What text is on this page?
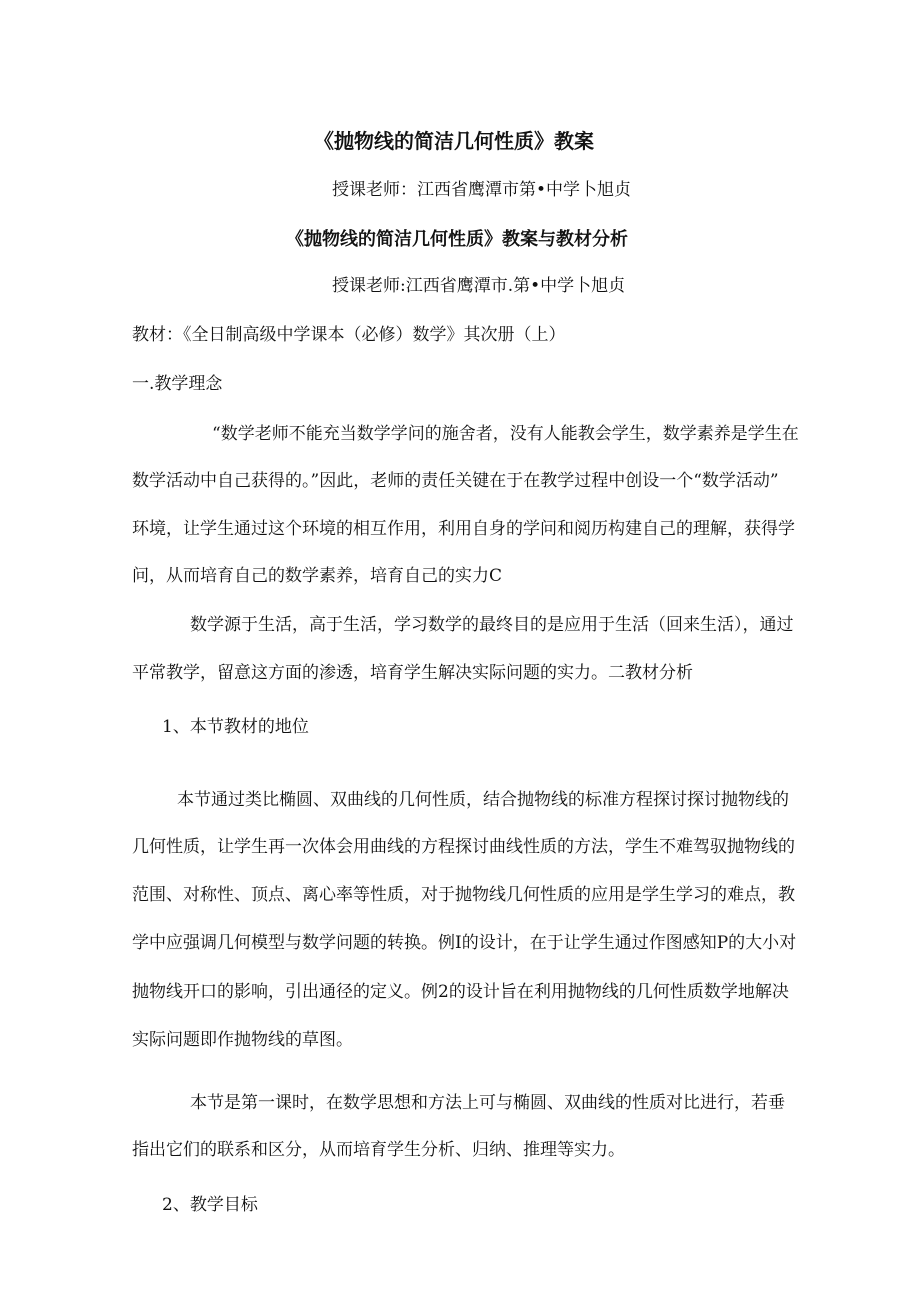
《抛物线的简洁几何性质》教案
授课老师：江西省鹰潭市第•中学卜旭贞
《抛物线的简洁几何性质》教案与教材分析
授课老师:江西省鹰潭市.第•中学卜旭贞
教材：《全日制高级中学课本（必修）数学》其次册（上）
一.教学理念
“数学老师不能充当数学学问的施舍者，没有人能教会学生，数学素养是学生在
数学活动中自己获得的。”因此，老师的责任关键在于在教学过程中创设一个“数学活动”
环境，让学生通过这个环境的相互作用，利用自身的学问和阅历构建自己的理解，获得学
问，从而培育自己的数学素养，培育自己的实力C
数学源于生活，高于生活，学习数学的最终目的是应用于生活（回来生活），通过
平常教学，留意这方面的渗透，培育学生解决实际问题的实力。二教材分析
1、本节教材的地位
本节通过类比椭圆、双曲线的几何性质，结合抛物线的标准方程探讨探讨抛物线的
几何性质，让学生再一次体会用曲线的方程探讨曲线性质的方法，学生不难驾驭抛物线的
范围、对称性、顶点、离心率等性质，对于抛物线几何性质的应用是学生学习的难点，教
学中应强调几何模型与数学问题的转换。例I的设计，在于让学生通过作图感知P的大小对
抛物线开口的影响，引出通径的定义。例2的设计旨在利用抛物线的几何性质数学地解决
实际问题即作抛物线的草图。
本节是第一课时，在数学思想和方法上可与椭圆、双曲线的性质对比进行，若垂
指出它们的联系和区分，从而培育学生分析、归纳、推理等实力。
2、教学目标
